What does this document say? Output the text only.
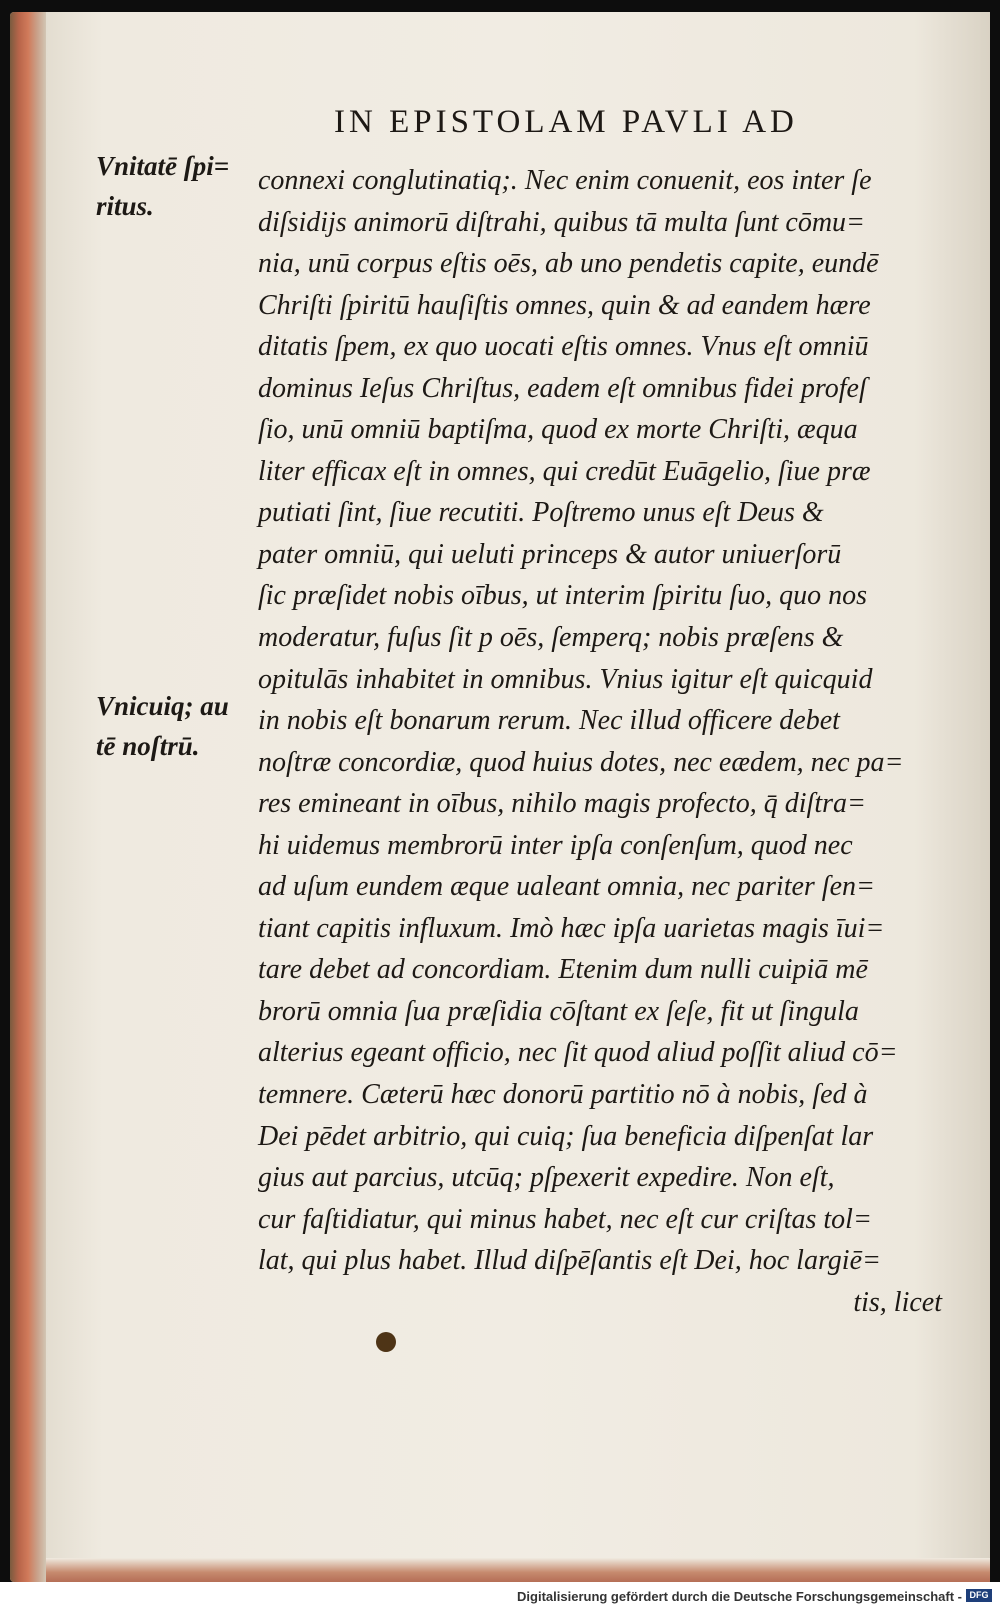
IN EPISTOLAM PAVLI AD
Vnitatē ſpi=
ritus.
Vnicuiq; au
tē noſtrū.
connexi conglutinatiq;. Nec enim conuenit, eos inter ſe
diſsidijs animorū diſtrahi, quibus tā multa ſunt cōmu=
nia, unū corpus eſtis oēs, ab uno pendetis capite, eundē
Chriſti ſpiritū hauſiſtis omnes, quin & ad eandem hære
ditatis ſpem, ex quo uocati eſtis omnes. Vnus eſt omniū
dominus Ieſus Chriſtus, eadem eſt omnibus fidei profeſ
ſio, unū omniū baptiſma, quod ex morte Chriſti, æqua
liter efficax eſt in omnes, qui credūt Euāgelio, ſiue præ
putiati ſint, ſiue recutiti. Poſtremo unus eſt Deus &
pater omniū, qui ueluti princeps & autor uniuerſorū
ſic præſidet nobis oībus, ut interim ſpiritu ſuo, quo nos
moderatur, fuſus ſit p oēs, ſemperq; nobis præſens &
opitulās inhabitet in omnibus. Vnius igitur eſt quicquid
in nobis eſt bonarum rerum. Nec illud officere debet
noſtræ concordiæ, quod huius dotes, nec eædem, nec pa=
res emineant in oībus, nihilo magis profecto, q̄ diſtra=
hi uidemus membrorū inter ipſa conſenſum, quod nec
ad uſum eundem æque ualeant omnia, nec pariter ſen=
tiant capitis influxum. Imò hæc ipſa uarietas magis īui=
tare debet ad concordiam. Etenim dum nulli cuipiā mē
brorū omnia ſua præſidia cōſtant ex ſeſe, fit ut ſingula
alterius egeant officio, nec ſit quod aliud poſſit aliud cō=
temnere. Cæterū hæc donorū partitio nō à nobis, ſed à
Dei pēdet arbitrio, qui cuiq; ſua beneficia diſpenſat lar
gius aut parcius, utcūq; pſpexerit expedire. Non eſt,
cur faſtidiatur, qui minus habet, nec eſt cur criſtas tol=
lat, qui plus habet. Illud diſpēſantis eſt Dei, hoc largiē=
tis, licet
Digitalisierung gefördert durch die Deutsche Forschungsgemeinschaft - DFG
